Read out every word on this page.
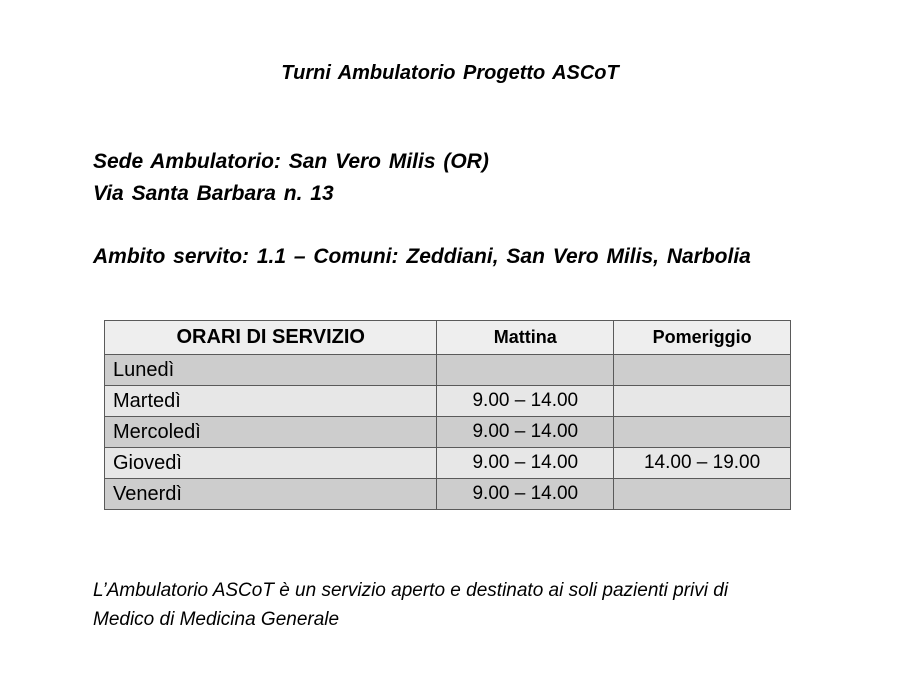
Turni Ambulatorio Progetto ASCoT
Sede Ambulatorio: San Vero Milis (OR)
Via Santa Barbara n. 13
Ambito servito: 1.1 – Comuni: Zeddiani, San Vero Milis, Narbolia
ORARI DI SERVIZIO	Mattina	Pomeriggio
Lunedì		
Martedì	9.00 – 14.00	
Mercoledì	9.00 – 14.00	
Giovedì	9.00 – 14.00	14.00 – 19.00
Venerdì	9.00 – 14.00	
L’Ambulatorio ASCoT è un servizio aperto e destinato ai soli pazienti privi di
Medico di Medicina Generale
